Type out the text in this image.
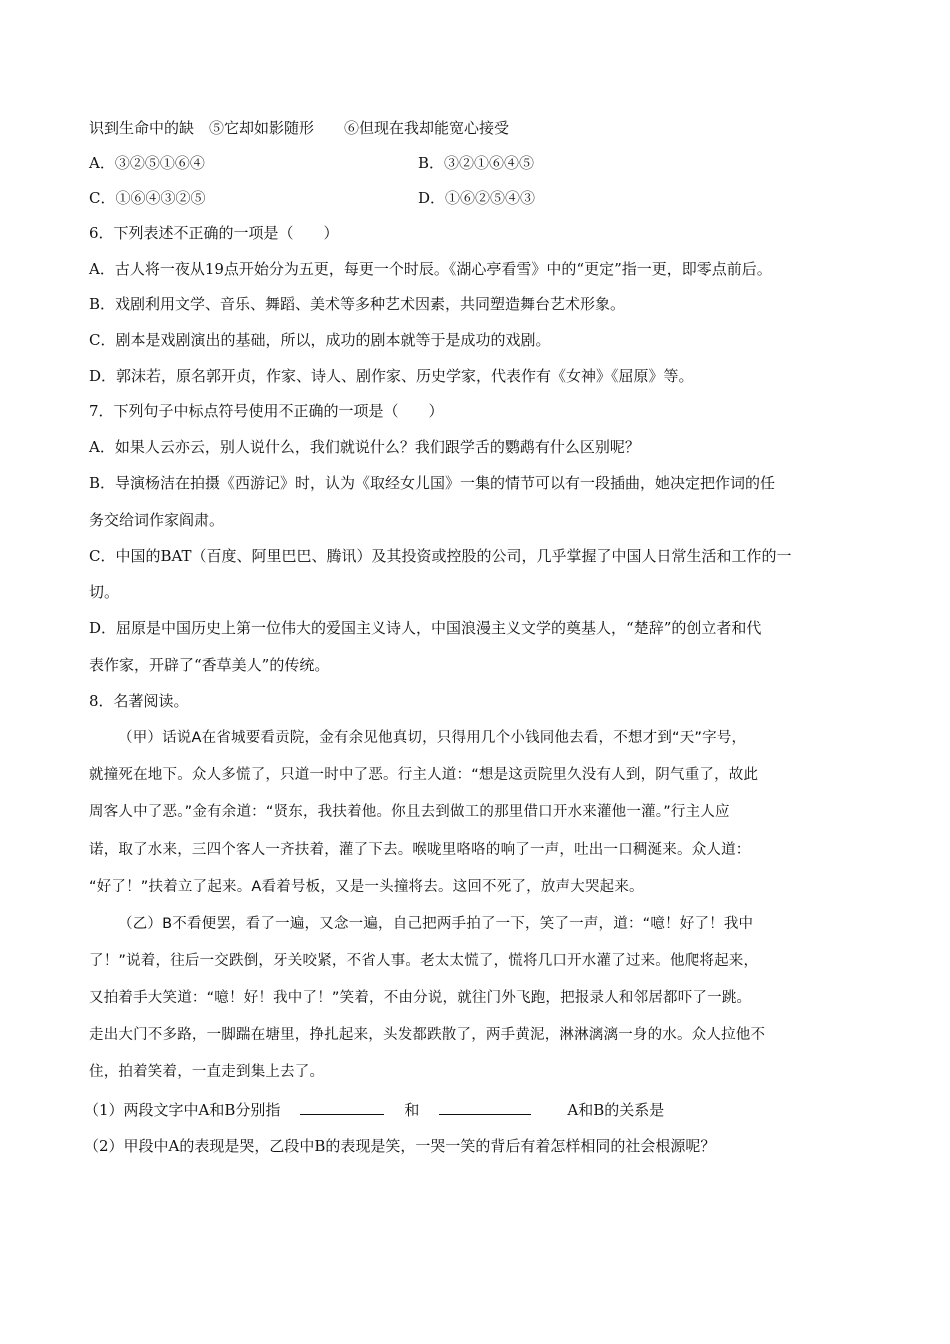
识到生命中的缺　⑤它却如影随形　　⑥但现在我却能宽心接受
A．③②⑤①⑥④	B．③②①⑥④⑤
C．①⑥④③②⑤	D．①⑥②⑤④③
6．下列表述不正确的一项是（　　）
A．古人将一夜从19点开始分为五更，每更一个时辰。《湖心亭看雪》中的“更定”指一更，即零点前后。
B．戏剧利用文学、音乐、舞蹈、美术等多种艺术因素，共同塑造舞台艺术形象。
C．剧本是戏剧演出的基础，所以，成功的剧本就等于是成功的戏剧。
D．郭沫若，原名郭开贞，作家、诗人、剧作家、历史学家，代表作有《女神》《屈原》等。
7．下列句子中标点符号使用不正确的一项是（　　）
A．如果人云亦云，别人说什么，我们就说什么？我们跟学舌的鹦鹉有什么区别呢？
B．导演杨洁在拍摄《西游记》时，认为《取经女儿国》一集的情节可以有一段插曲，她决定把作词的任
务交给词作家阎肃。
C．中国的BAT（百度、阿里巴巴、腾讯）及其投资或控股的公司，几乎掌握了中国人日常生活和工作的一
切。
D．屈原是中国历史上第一位伟大的爱国主义诗人，中国浪漫主义文学的奠基人，“楚辞”的创立者和代
表作家，开辟了“香草美人”的传统。
8．名著阅读。
（甲）话说A在省城要看贡院，金有余见他真切，只得用几个小钱同他去看，不想才到“天”字号，
就撞死在地下。众人多慌了，只道一时中了恶。行主人道：“想是这贡院里久没有人到，阴气重了，故此
周客人中了恶。”金有余道：“贤东，我扶着他。你且去到做工的那里借口开水来灌他一灌。”行主人应
诺，取了水来，三四个客人一齐扶着，灌了下去。喉咙里咯咯的响了一声，吐出一口稠涎来。众人道：
“好了！”扶着立了起来。A看着号板，又是一头撞将去。这回不死了，放声大哭起来。
（乙）B不看便罢，看了一遍，又念一遍，自己把两手拍了一下，笑了一声，道：“噫！好了！我中
了！”说着，往后一交跌倒，牙关咬紧，不省人事。老太太慌了，慌将几口开水灌了过来。他爬将起来，
又拍着手大笑道：“噫！好！我中了！”笑着，不由分说，就往门外飞跑，把报录人和邻居都吓了一跳。
走出大门不多路，一脚踹在塘里，挣扎起来，头发都跌散了，两手黄泥，淋淋漓漓一身的水。众人拉他不
住，拍着笑着，一直走到集上去了。
（1）两段文字中A和B分别指	和	A和B的关系是
（2）甲段中A的表现是哭，乙段中B的表现是笑，一哭一笑的背后有着怎样相同的社会根源呢？
